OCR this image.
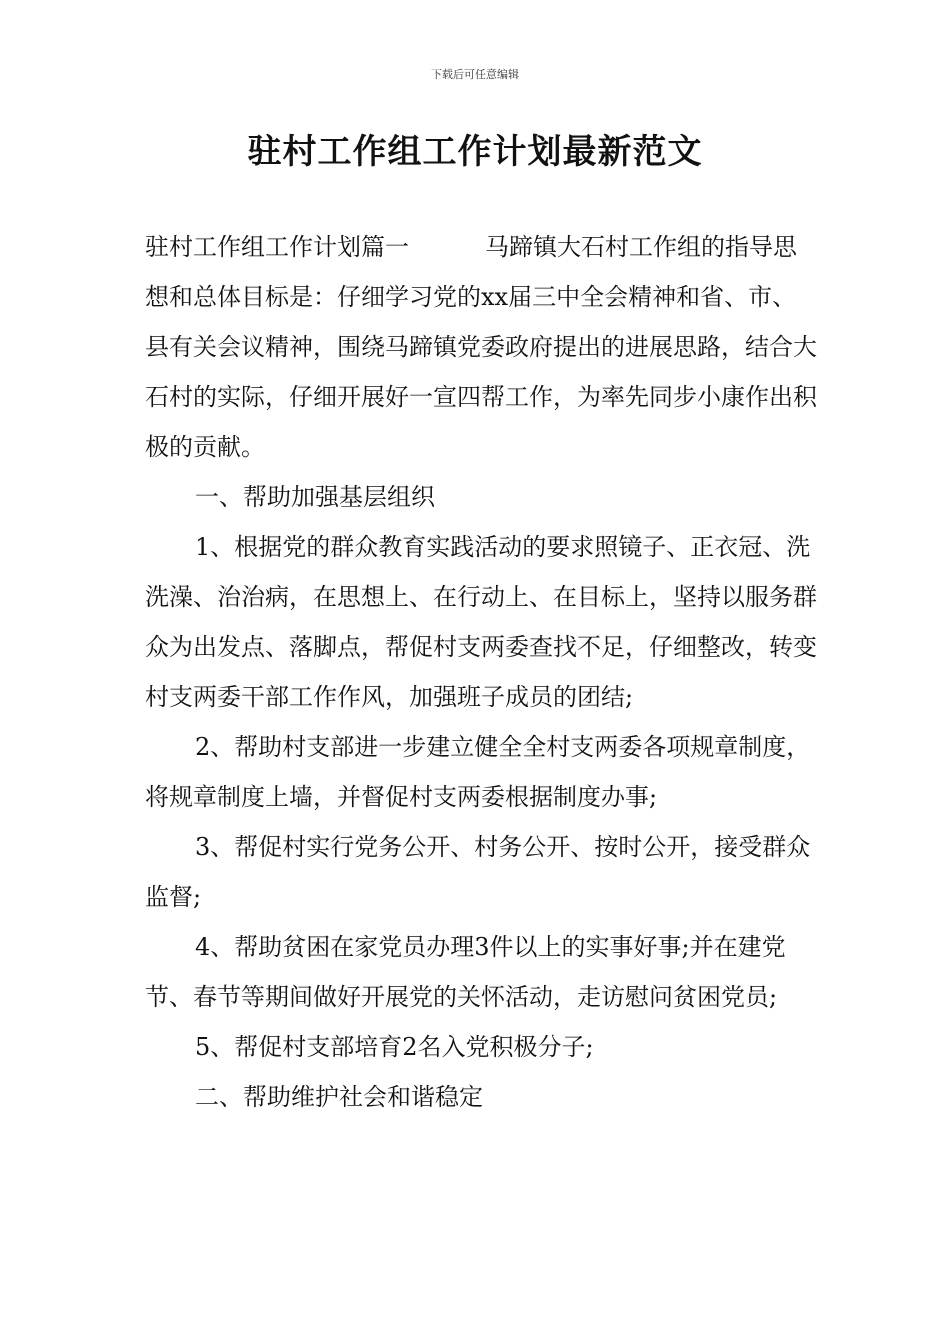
下载后可任意编辑
驻村工作组工作计划最新范文

驻村工作组工作计划篇一	马蹄镇大石村工作组的指导思想和总体目标是：仔细学习党的xx届三中全会精神和省、市、县有关会议精神，围绕马蹄镇党委政府提出的进展思路，结合大石村的实际，仔细开展好一宣四帮工作，为率先同步小康作出积极的贡献。

一、帮助加强基层组织

1、根据党的群众教育实践活动的要求照镜子、正衣冠、洗洗澡、治治病，在思想上、在行动上、在目标上，坚持以服务群众为出发点、落脚点，帮促村支两委查找不足，仔细整改，转变村支两委干部工作作风，加强班子成员的团结;

2、帮助村支部进一步建立健全全村支两委各项规章制度，将规章制度上墙，并督促村支两委根据制度办事;

3、帮促村实行党务公开、村务公开、按时公开，接受群众监督;

4、帮助贫困在家党员办理3件以上的实事好事;并在建党节、春节等期间做好开展党的关怀活动，走访慰问贫困党员;

5、帮促村支部培育2名入党积极分子;

二、帮助维护社会和谐稳定
